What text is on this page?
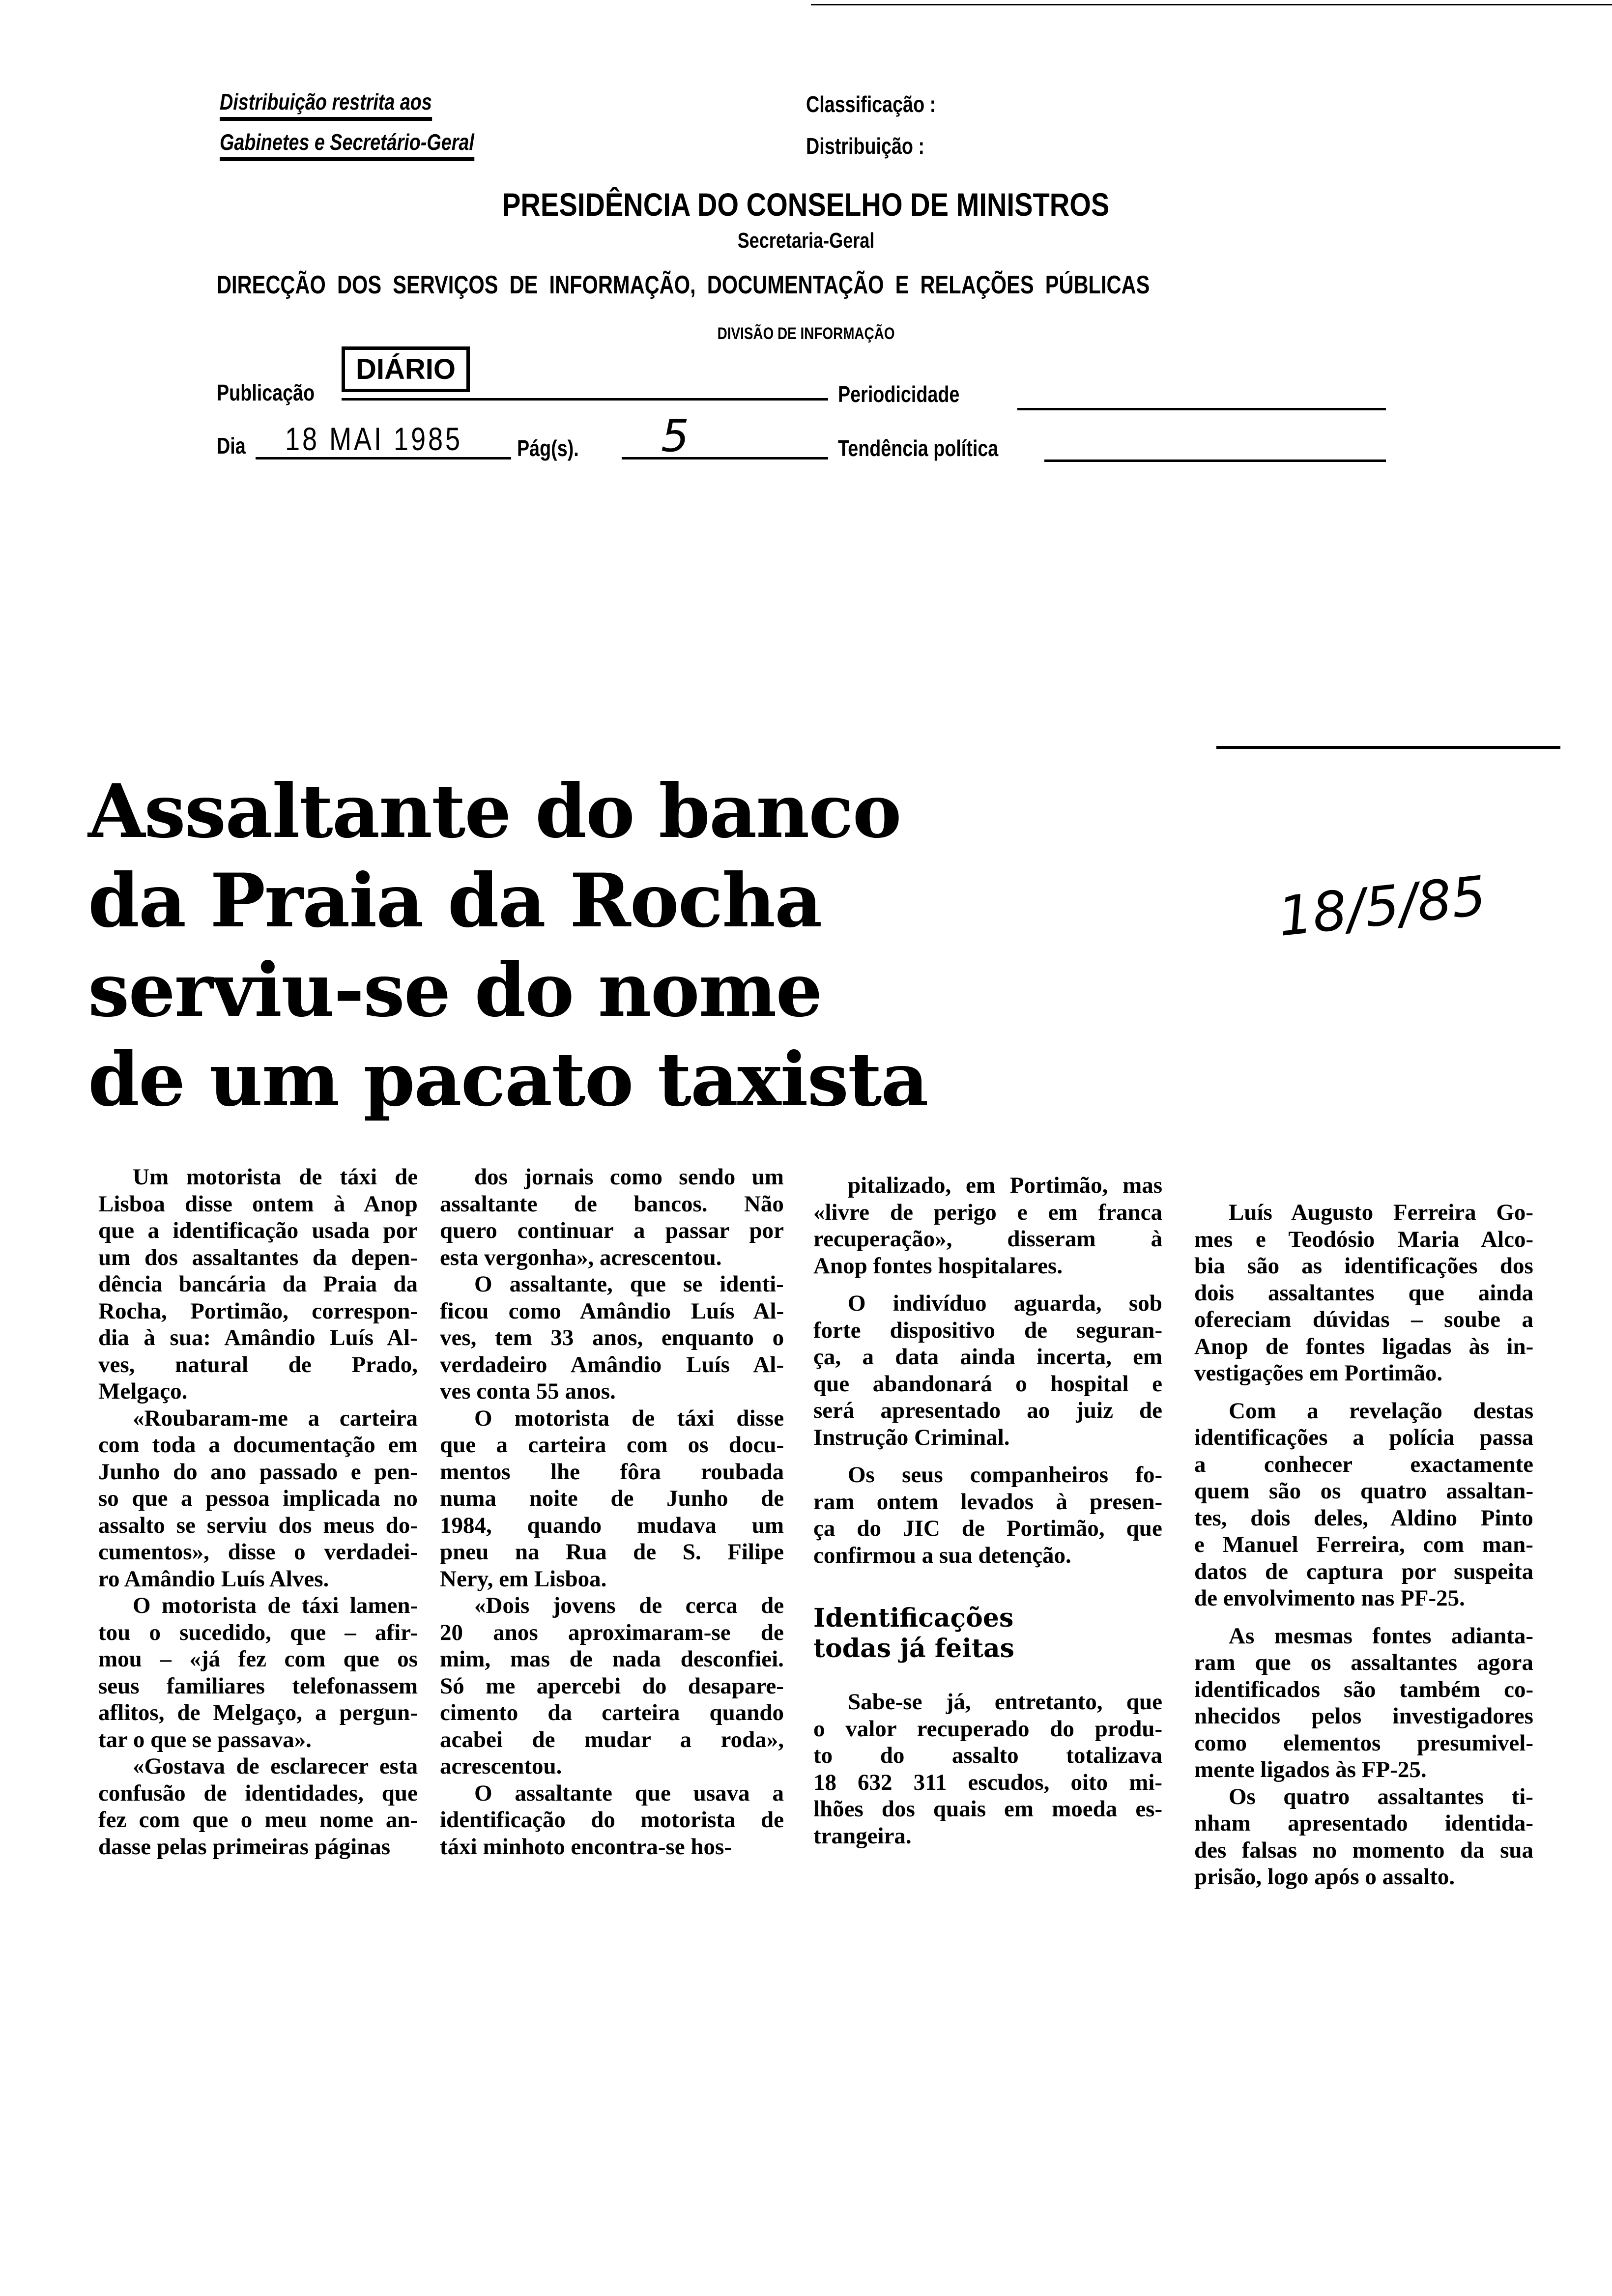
Distribuição restrita aos
Gabinetes e Secretário-Geral
Classificação :
Distribuição :
PRESIDÊNCIA DO CONSELHO DE MINISTROS
Secretaria-Geral
DIRECÇÃO  DOS  SERVIÇOS  DE  INFORMAÇÃO,  DOCUMENTAÇÃO  E  RELAÇÕES  PÚBLICAS
DIVISÃO DE INFORMAÇÃO
Publicação
DIÁRIO
Periodicidade
Dia 18 MAI 1985 Pág(s). 5	Tendência política
Assaltante do banco
da Praia da Rocha
serviu-se do nome
de um pacato taxista
18/5/85
Um motorista de táxi de
Lisboa disse ontem à Anop
que a identificação usada por
um dos assaltantes da depen-
dência bancária da Praia da
Rocha, Portimão, correspon-
dia à sua: Amândio Luís Al-
ves, natural de Prado,
Melgaço.
«Roubaram-me a carteira
com toda a documentação em
Junho do ano passado e pen-
so que a pessoa implicada no
assalto se serviu dos meus do-
cumentos», disse o verdadei-
ro Amândio Luís Alves.
O motorista de táxi lamen-
tou o sucedido, que – afir-
mou – «já fez com que os
seus familiares telefonassem
aflitos, de Melgaço, a pergun-
tar o que se passava».
«Gostava de esclarecer esta
confusão de identidades, que
fez com que o meu nome an-
dasse pelas primeiras páginas
dos jornais como sendo um
assaltante de bancos. Não
quero continuar a passar por
esta vergonha», acrescentou.
O assaltante, que se identi-
ficou como Amândio Luís Al-
ves, tem 33 anos, enquanto o
verdadeiro Amândio Luís Al-
ves conta 55 anos.
O motorista de táxi disse
que a carteira com os docu-
mentos lhe fôra roubada
numa noite de Junho de
1984, quando mudava um
pneu na Rua de S. Filipe
Nery, em Lisboa.
«Dois jovens de cerca de
20 anos aproximaram-se de
mim, mas de nada desconfiei.
Só me apercebi do desapare-
cimento da carteira quando
acabei de mudar a roda»,
acrescentou.
O assaltante que usava a
identificação do motorista de
táxi minhoto encontra-se hos-
pitalizado, em Portimão, mas
«livre de perigo e em franca
recuperação», disseram à
Anop fontes hospitalares.
O indivíduo aguarda, sob
forte dispositivo de seguran-
ça, a data ainda incerta, em
que abandonará o hospital e
será apresentado ao juiz de
Instrução Criminal.
Os seus companheiros fo-
ram ontem levados à presen-
ça do JIC de Portimão, que
confirmou a sua detenção.
Identificações
todas já feitas
Sabe-se já, entretanto, que
o valor recuperado do produ-
to do assalto totalizava
18 632 311 escudos, oito mi-
lhões dos quais em moeda es-
trangeira.
Luís Augusto Ferreira Go-
mes e Teodósio Maria Alco-
bia são as identificações dos
dois assaltantes que ainda
ofereciam dúvidas – soube a
Anop de fontes ligadas às in-
vestigações em Portimão.
Com a revelação destas
identificações a polícia passa
a conhecer exactamente
quem são os quatro assaltan-
tes, dois deles, Aldino Pinto
e Manuel Ferreira, com man-
datos de captura por suspeita
de envolvimento nas PF-25.
As mesmas fontes adianta-
ram que os assaltantes agora
identificados são também co-
nhecidos pelos investigadores
como elementos presumivel-
mente ligados às FP-25.
Os quatro assaltantes ti-
nham apresentado identida-
des falsas no momento da sua
prisão, logo após o assalto.
